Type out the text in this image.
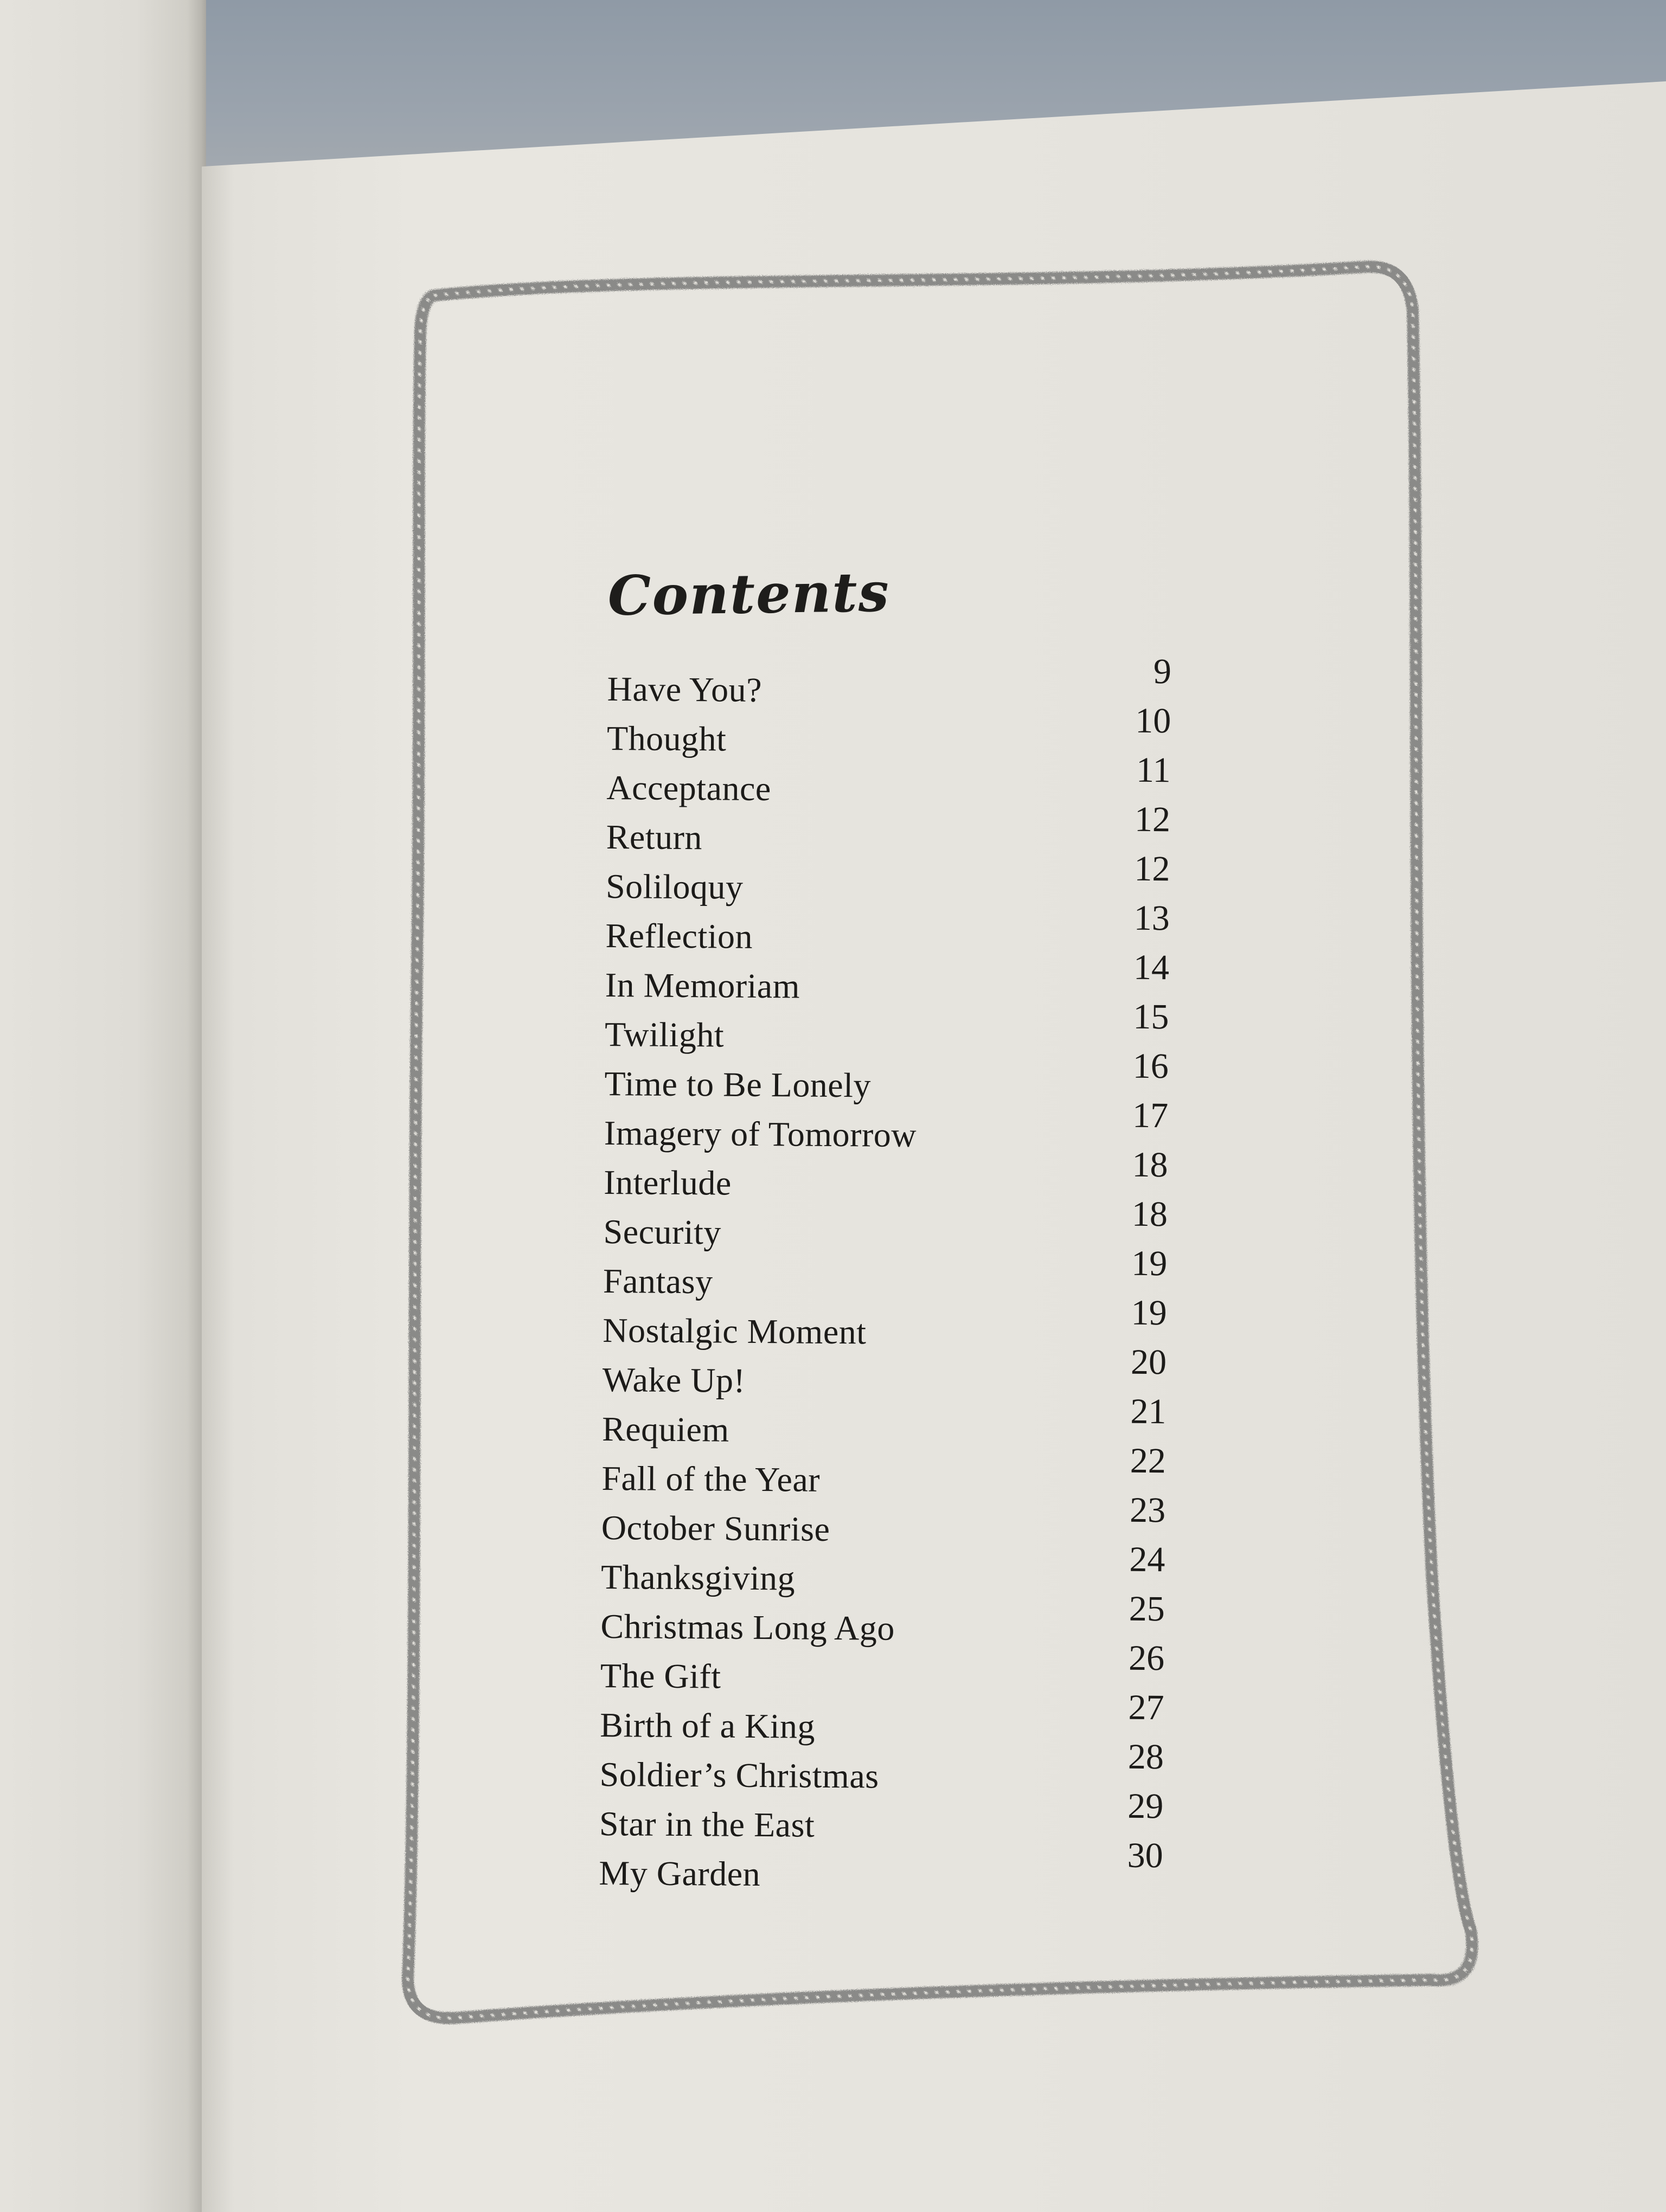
Contents
Have You?	9
Thought	10
Acceptance	11
Return	12
Soliloquy	12
Reflection	13
In Memoriam	14
Twilight	15
Time to Be Lonely	16
Imagery of Tomorrow	17
Interlude	18
Security	18
Fantasy	19
Nostalgic Moment	19
Wake Up!	20
Requiem	21
Fall of the Year	22
October Sunrise	23
Thanksgiving	24
Christmas Long Ago	25
The Gift	26
Birth of a King	27
Soldier’s Christmas	28
Star in the East	29
My Garden	30
